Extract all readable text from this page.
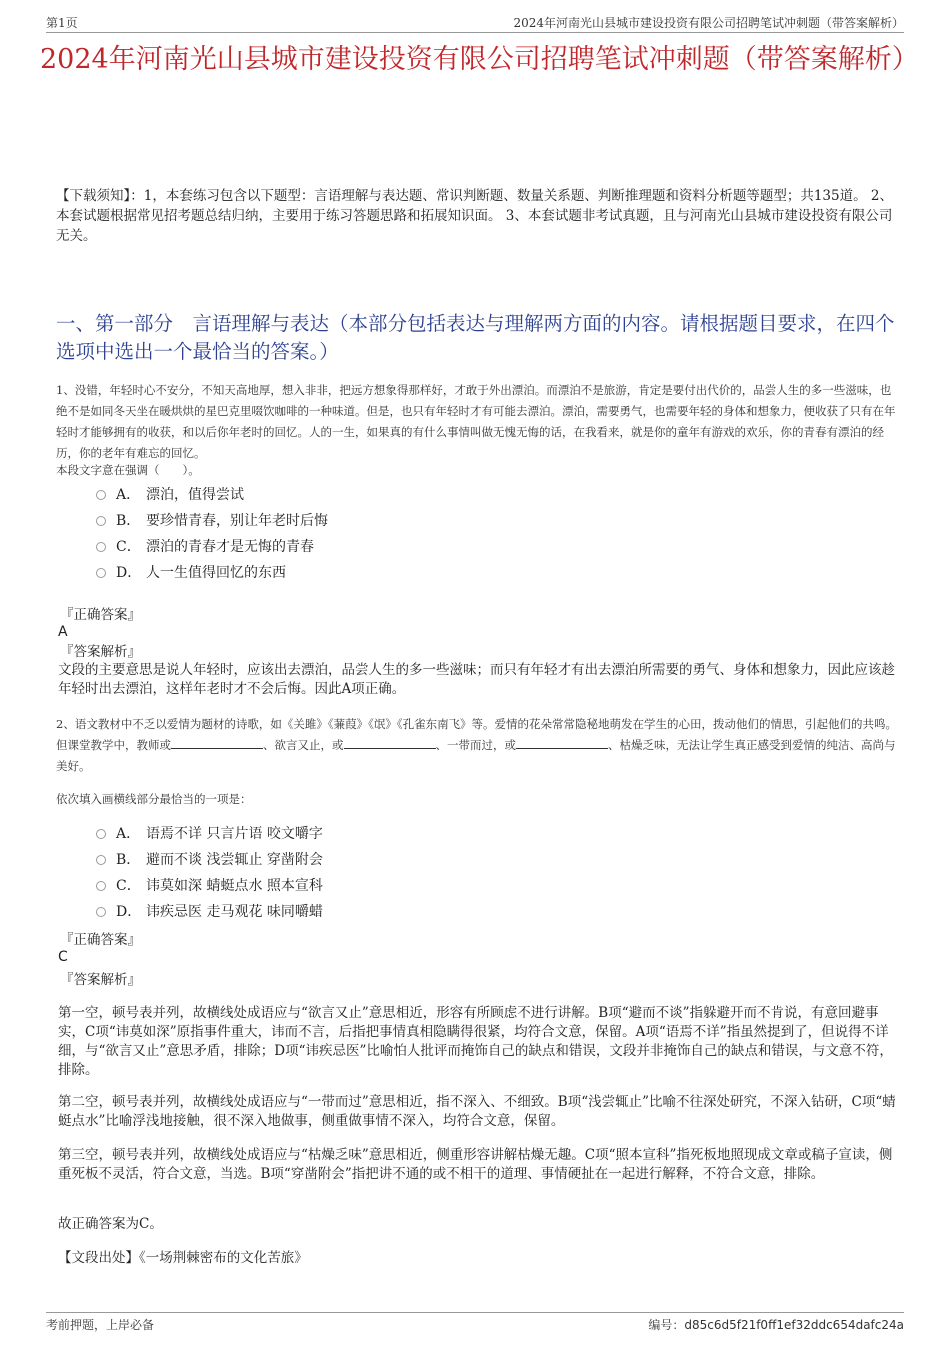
第1页	2024年河南光山县城市建设投资有限公司招聘笔试冲刺题（带答案解析）
2024年河南光山县城市建设投资有限公司招聘笔试冲刺题（带答案解析）
【下载须知】：1，本套练习包含以下题型：言语理解与表达题、常识判断题、数量关系题、判断推理题和资料分析题等题型；共135道。 2、本套试题根据常见招考题总结归纳，主要用于练习答题思路和拓展知识面。 3、本套试题非考试真题，且与河南光山县城市建设投资有限公司无关。
一、第一部分　言语理解与表达（本部分包括表达与理解两方面的内容。请根据题目要求，在四个选项中选出一个最恰当的答案。）
1、没错，年轻时心不安分，不知天高地厚，想入非非，把远方想象得那样好，才敢于外出漂泊。而漂泊不是旅游，肯定是要付出代价的，品尝人生的多一些滋味，也绝不是如同冬天坐在暖烘烘的星巴克里啜饮咖啡的一种味道。但是，也只有年轻时才有可能去漂泊。漂泊，需要勇气，也需要年轻的身体和想象力，便收获了只有在年轻时才能够拥有的收获，和以后你年老时的回忆。人的一生，如果真的有什么事情叫做无愧无悔的话，在我看来，就是你的童年有游戏的欢乐，你的青春有漂泊的经历，你的老年有难忘的回忆。
本段文字意在强调（　　）。
A． 漂泊，值得尝试
B． 要珍惜青春，别让年老时后悔
C． 漂泊的青春才是无悔的青春
D． 人一生值得回忆的东西
『正确答案』
A
『答案解析』
文段的主要意思是说人年轻时，应该出去漂泊，品尝人生的多一些滋味；而只有年轻才有出去漂泊所需要的勇气、身体和想象力，因此应该趁年轻时出去漂泊，这样年老时才不会后悔。因此A项正确。
2、语文教材中不乏以爱情为题材的诗歌，如《关雎》《蒹葭》《氓》《孔雀东南飞》等。爱情的花朵常常隐秘地萌发在学生的心田，拨动他们的情思，引起他们的共鸣。但课堂教学中，教师或	、欲言又止，或	、一带而过，或	、枯燥乏味，无法让学生真正感受到爱情的纯洁、高尚与美好。
依次填入画横线部分最恰当的一项是：
A． 语焉不详 只言片语 咬文嚼字
B． 避而不谈 浅尝辄止 穿凿附会
C． 讳莫如深 蜻蜓点水 照本宣科
D． 讳疾忌医 走马观花 味同嚼蜡
『正确答案』
C
『答案解析』
第一空，顿号表并列，故横线处成语应与“欲言又止”意思相近，形容有所顾虑不进行讲解。B项“避而不谈”指躲避开而不肯说，有意回避事实，C项“讳莫如深”原指事件重大，讳而不言，后指把事情真相隐瞒得很紧，均符合文意，保留。A项“语焉不详”指虽然提到了，但说得不详细，与“欲言又止”意思矛盾，排除；D项“讳疾忌医”比喻怕人批评而掩饰自己的缺点和错误，文段并非掩饰自己的缺点和错误，与文意不符，排除。
第二空，顿号表并列，故横线处成语应与“一带而过”意思相近，指不深入、不细致。B项“浅尝辄止”比喻不往深处研究，不深入钻研，C项“蜻蜓点水”比喻浮浅地接触，很不深入地做事，侧重做事情不深入，均符合文意，保留。
第三空，顿号表并列，故横线处成语应与“枯燥乏味”意思相近，侧重形容讲解枯燥无趣。C项“照本宣科”指死板地照现成文章或稿子宣读，侧重死板不灵活，符合文意，当选。B项“穿凿附会”指把讲不通的或不相干的道理、事情硬扯在一起进行解释，不符合文意，排除。
故正确答案为C。
【文段出处】《一场荆棘密布的文化苦旅》
考前押题，上岸必备	编号：d85c6d5f21f0ff1ef32ddc654dafc24a
